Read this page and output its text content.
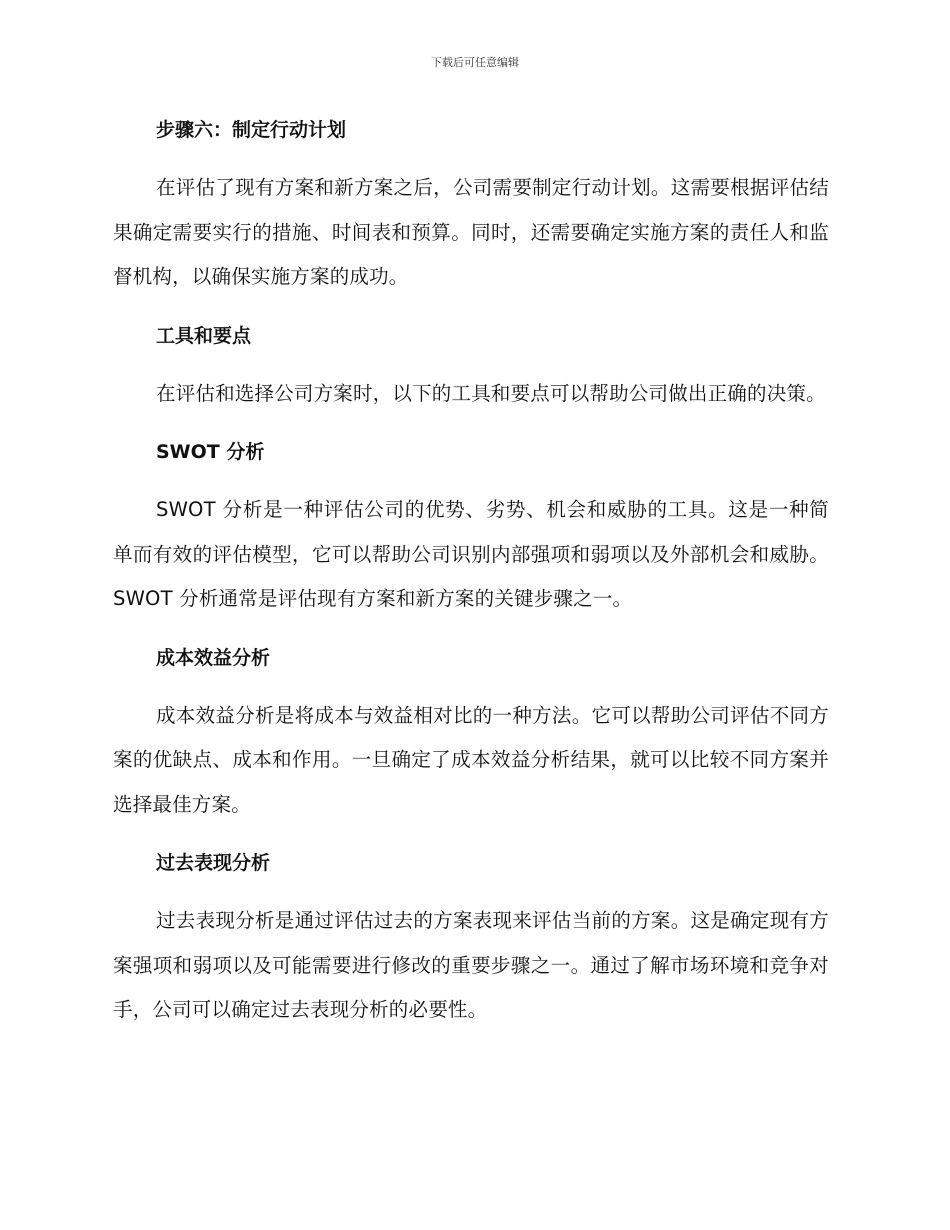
下载后可任意编辑
步骤六：制定行动计划

在评估了现有方案和新方案之后，公司需要制定行动计划。这需要根据评估结果确定需要实行的措施、时间表和预算。同时，还需要确定实施方案的责任人和监督机构，以确保实施方案的成功。

工具和要点

在评估和选择公司方案时，以下的工具和要点可以帮助公司做出正确的决策。

SWOT 分析

SWOT 分析是一种评估公司的优势、劣势、机会和威胁的工具。这是一种简单而有效的评估模型，它可以帮助公司识别内部强项和弱项以及外部机会和威胁。SWOT 分析通常是评估现有方案和新方案的关键步骤之一。

成本效益分析

成本效益分析是将成本与效益相对比的一种方法。它可以帮助公司评估不同方案的优缺点、成本和作用。一旦确定了成本效益分析结果，就可以比较不同方案并选择最佳方案。

过去表现分析

过去表现分析是通过评估过去的方案表现来评估当前的方案。这是确定现有方案强项和弱项以及可能需要进行修改的重要步骤之一。通过了解市场环境和竞争对手，公司可以确定过去表现分析的必要性。
